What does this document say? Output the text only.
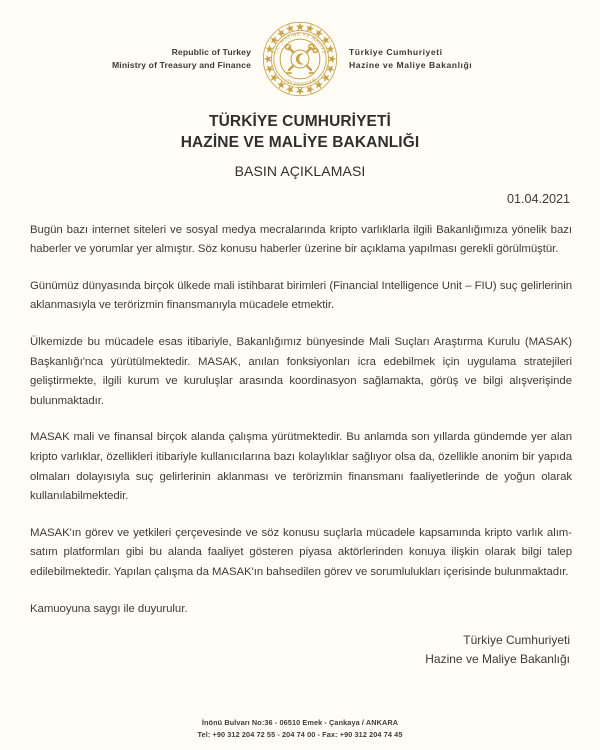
Republic of Turkey
Ministry of Treasury and Finance
T.C. HAZİNE VE MALİYE
BAKANLIĞI
Türkiye Cumhuriyeti
Hazine ve Maliye Bakanlığı
TÜRKİYE CUMHURİYETİ
HAZİNE VE MALİYE BAKANLIĞI
BASIN AÇIKLAMASI
01.04.2021

Bugün bazı internet siteleri ve sosyal medya mecralarında kripto varlıklarla ilgili Bakanlığımıza yönelik bazı haberler ve yorumlar yer almıştır. Söz konusu haberler üzerine bir açıklama yapılması gerekli görülmüştür.

Günümüz dünyasında birçok ülkede mali istihbarat birimleri (Financial Intelligence Unit – FIU) suç gelirlerinin aklanmasıyla ve terörizmin finansmanıyla mücadele etmektir.

Ülkemizde bu mücadele esas itibariyle, Bakanlığımız bünyesinde Mali Suçları Araştırma Kurulu (MASAK) Başkanlığı'nca yürütülmektedir. MASAK, anılan fonksiyonları icra edebilmek için uygulama stratejileri geliştirmekte, ilgili kurum ve kuruluşlar arasında koordinasyon sağlamakta, görüş ve bilgi alışverişinde bulunmaktadır.

MASAK mali ve finansal birçok alanda çalışma yürütmektedir. Bu anlamda son yıllarda gündemde yer alan kripto varlıklar, özellikleri itibariyle kullanıcılarına bazı kolaylıklar sağlıyor olsa da, özellikle anonim bir yapıda olmaları dolayısıyla suç gelirlerinin aklanması ve terörizmin finansmanı faaliyetlerinde de yoğun olarak kullanılabilmektedir.

MASAK'ın görev ve yetkileri çerçevesinde ve söz konusu suçlarla mücadele kapsamında kripto varlık alım-satım platformları gibi bu alanda faaliyet gösteren piyasa aktörlerinden konuya ilişkin olarak bilgi talep edilebilmektedir. Yapılan çalışma da MASAK'ın bahsedilen görev ve sorumlulukları içerisinde bulunmaktadır.

Kamuoyuna saygı ile duyurulur.

Türkiye Cumhuriyeti
Hazine ve Maliye Bakanlığı
İnönü Bulvarı No:36 - 06510 Emek - Çankaya / ANKARA
Tel: +90 312 204 72 55 - 204 74 00 - Fax: +90 312 204 74 45
